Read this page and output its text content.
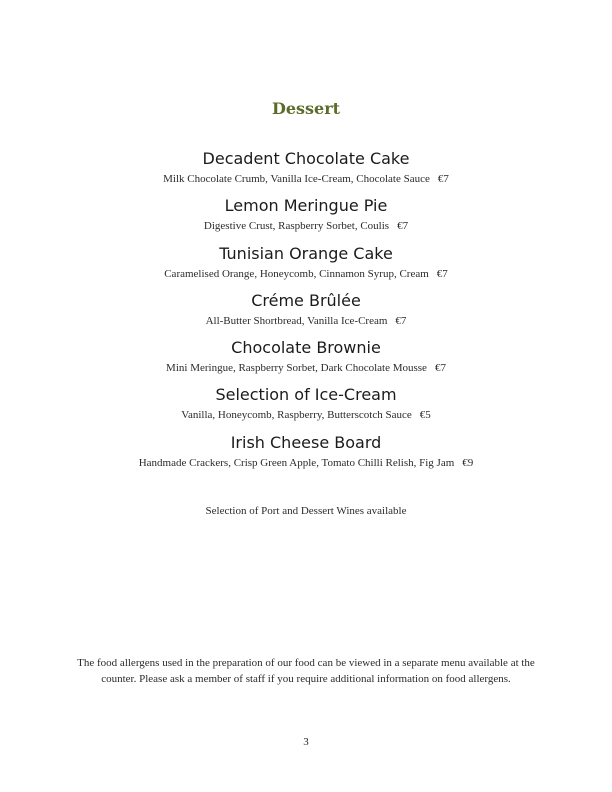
Dessert
Decadent Chocolate Cake
Milk Chocolate Crumb, Vanilla Ice-Cream, Chocolate Sauce €7
Lemon Meringue Pie
Digestive Crust, Raspberry Sorbet, Coulis €7
Tunisian Orange Cake
Caramelised Orange, Honeycomb, Cinnamon Syrup, Cream €7
Créme Brûlée
All-Butter Shortbread, Vanilla Ice-Cream €7
Chocolate Brownie
Mini Meringue, Raspberry Sorbet, Dark Chocolate Mousse €7
Selection of Ice-Cream
Vanilla, Honeycomb, Raspberry, Butterscotch Sauce €5
Irish Cheese Board
Handmade Crackers, Crisp Green Apple, Tomato Chilli Relish, Fig Jam €9
Selection of Port and Dessert Wines available
The food allergens used in the preparation of our food can be viewed in a separate menu available at the counter. Please ask a member of staff if you require additional information on food allergens.
3
